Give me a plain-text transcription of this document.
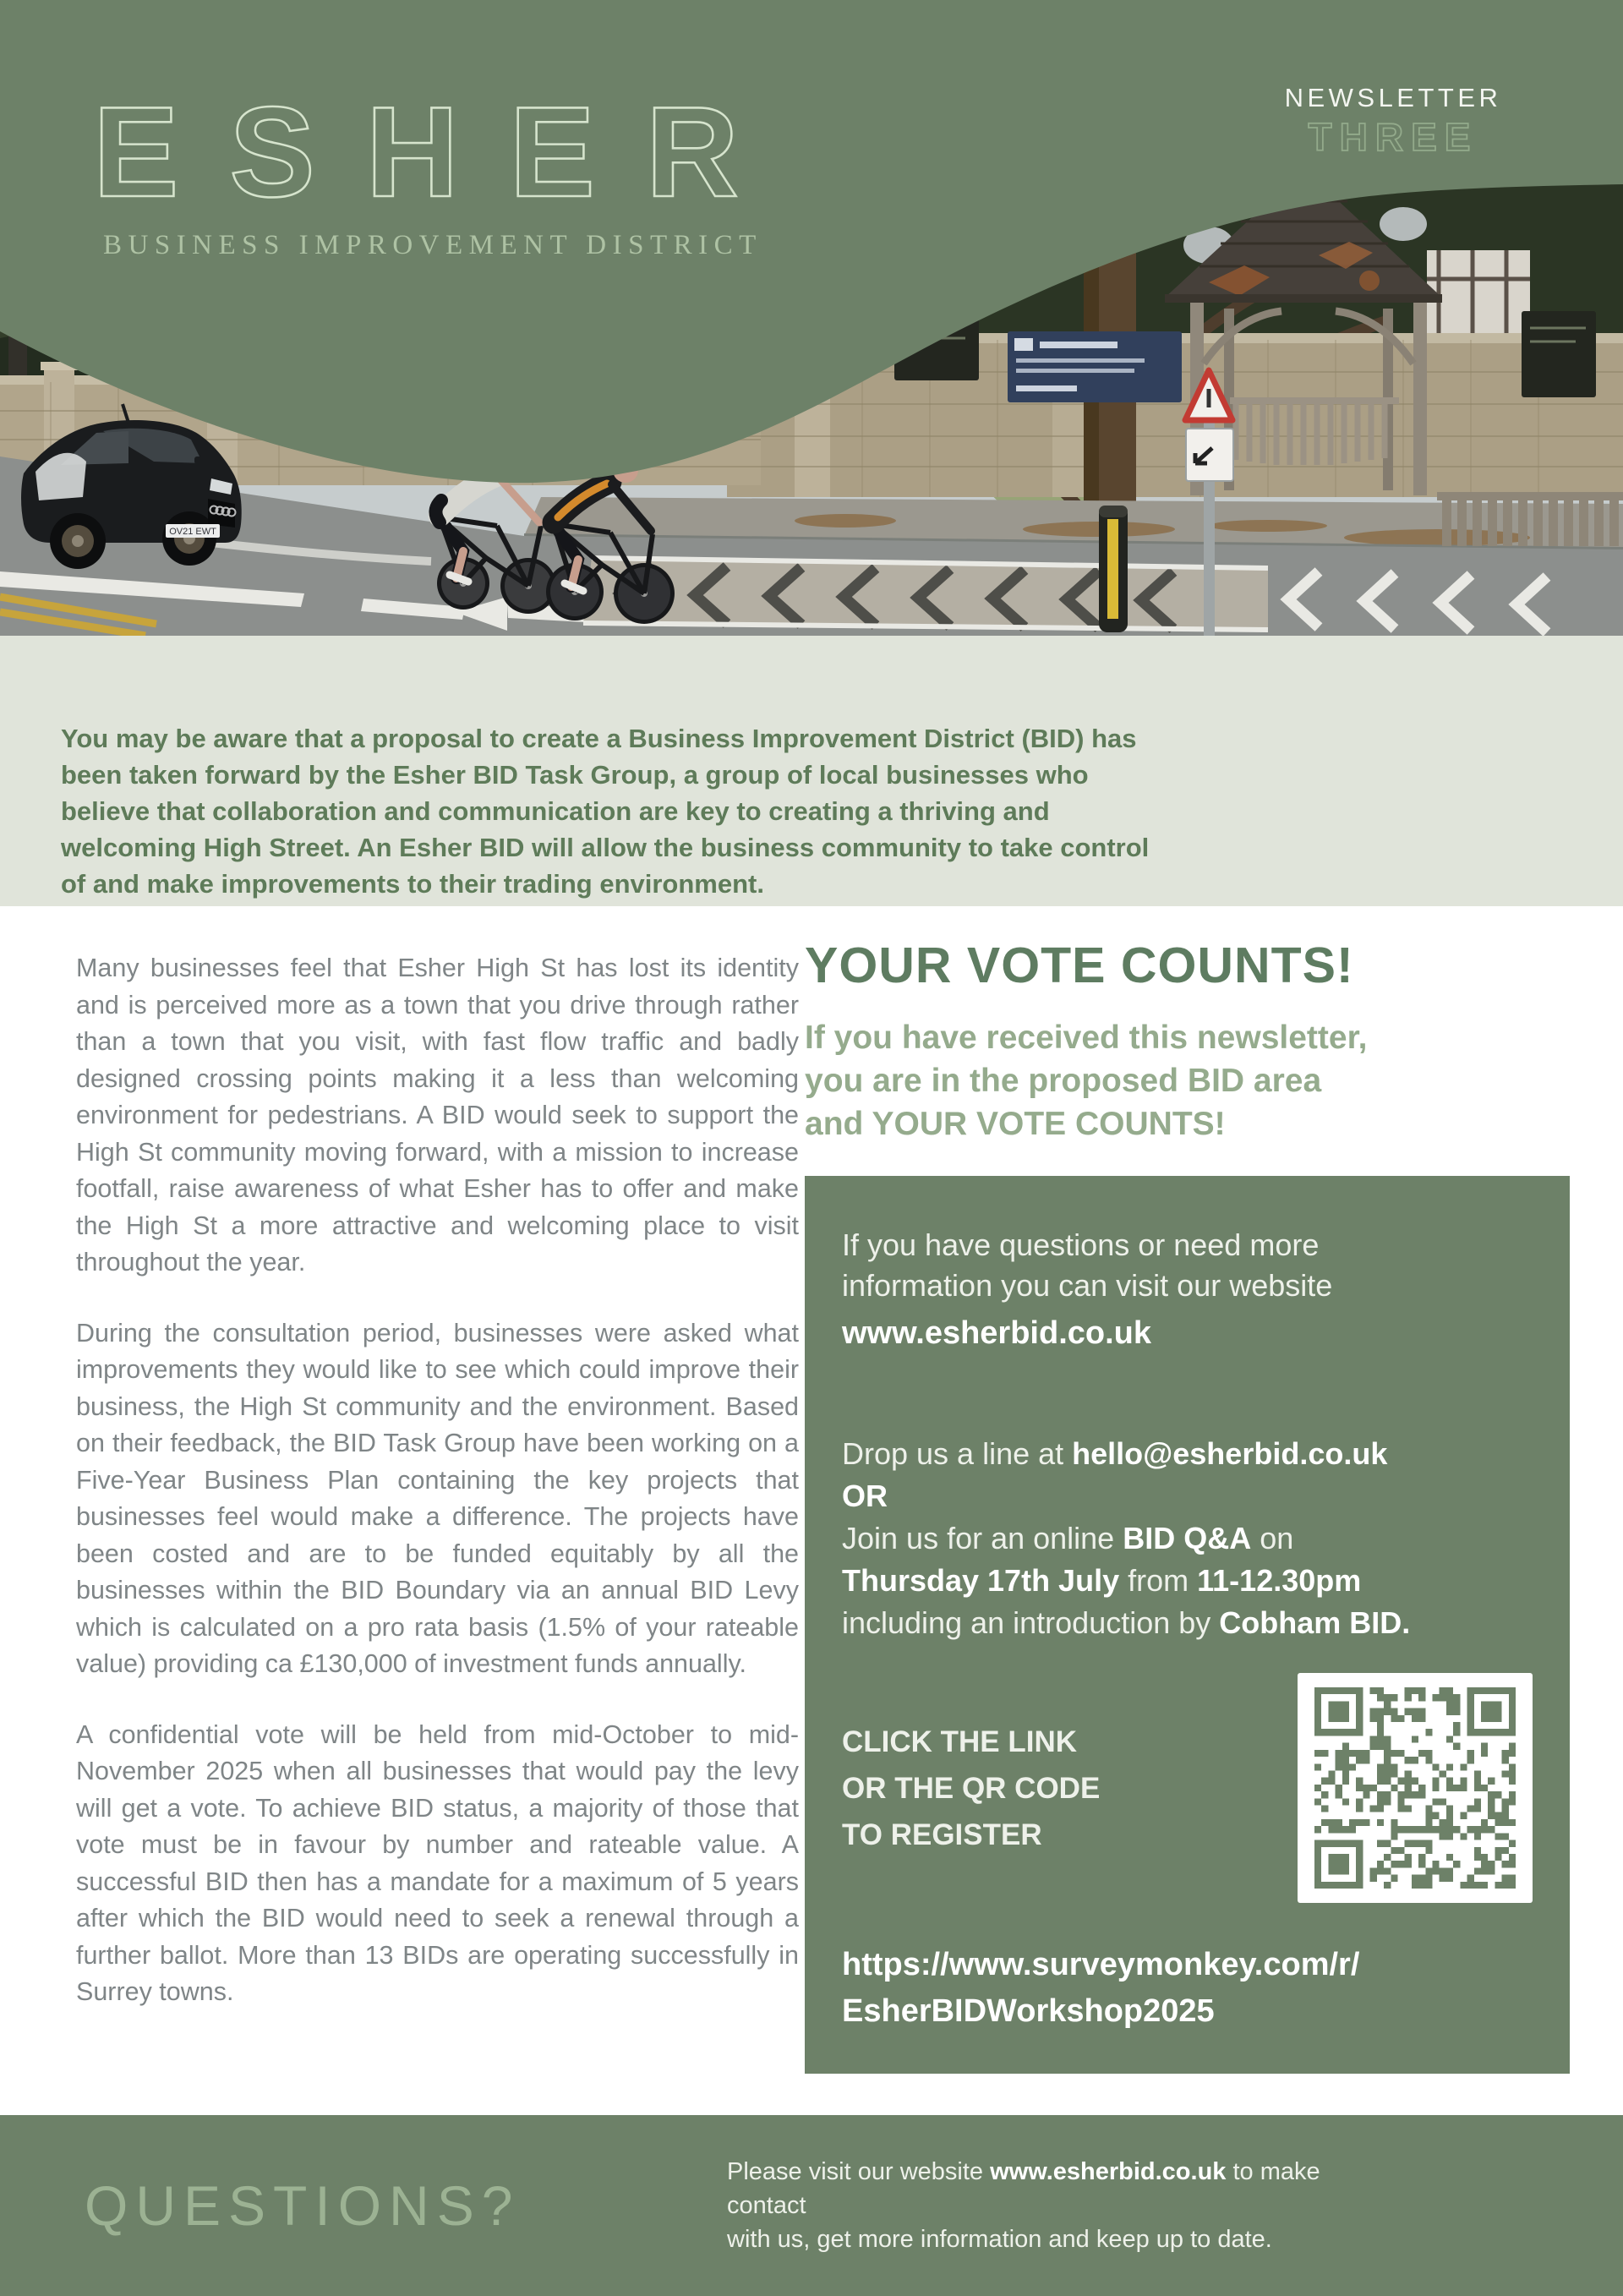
OV21 EWT
ESHER
BUSINESS IMPROVEMENT DISTRICT
NEWSLETTER
THREE

You may be aware that a proposal to create a Business Improvement District (BID) has been taken forward by the Esher BID Task Group, a group of local businesses who believe that collaboration and communication are key to creating a thriving and welcoming High Street. An Esher BID will allow the business community to take control of and make improvements to their trading environment.

Many businesses feel that Esher High St has lost its identity and is perceived more as a town that you drive through rather than a town that you visit, with fast flow traffic and badly designed crossing points making it a less than welcoming environment for pedestrians. A BID would seek to support the High St community moving forward, with a mission to increase footfall, raise awareness of what Esher has to offer and make the High St a more attractive and welcoming place to visit throughout the year.

During the consultation period, businesses were asked what improvements they would like to see which could improve their business, the High St community and the environment. Based on their feedback, the BID Task Group have been working on a Five-Year Business Plan containing the key projects that businesses feel would make a difference. The projects have been costed and are to be funded equitably by all the businesses within the BID Boundary via an annual BID Levy which is calculated on a pro rata basis (1.5% of your rateable value) providing ca £130,000 of investment funds annually.

A confidential vote will be held from mid-October to mid-November 2025 when all businesses that would pay the levy will get a vote. To achieve BID status, a majority of those that vote must be in favour by number and rateable value. A successful BID then has a mandate for a maximum of 5 years after which the BID would need to seek a renewal through a further ballot. More than 13 BIDs are operating successfully in Surrey towns.

YOUR VOTE COUNTS!
If you have received this newsletter,
you are in the proposed BID area
and YOUR VOTE COUNTS!
If you have questions or need more
information you can visit our website
www.esherbid.co.uk
Drop us a line at hello@esherbid.co.uk
OR
Join us for an online BID Q&A on
Thursday 17th July from 11-12.30pm
including an introduction by Cobham BID.
CLICK THE LINK
OR THE QR CODE
TO REGISTER
https://www.surveymonkey.com/r/
EsherBIDWorkshop2025
QUESTIONS?

Please visit our website www.esherbid.co.uk to make contact
with us, get more information and keep up to date.
